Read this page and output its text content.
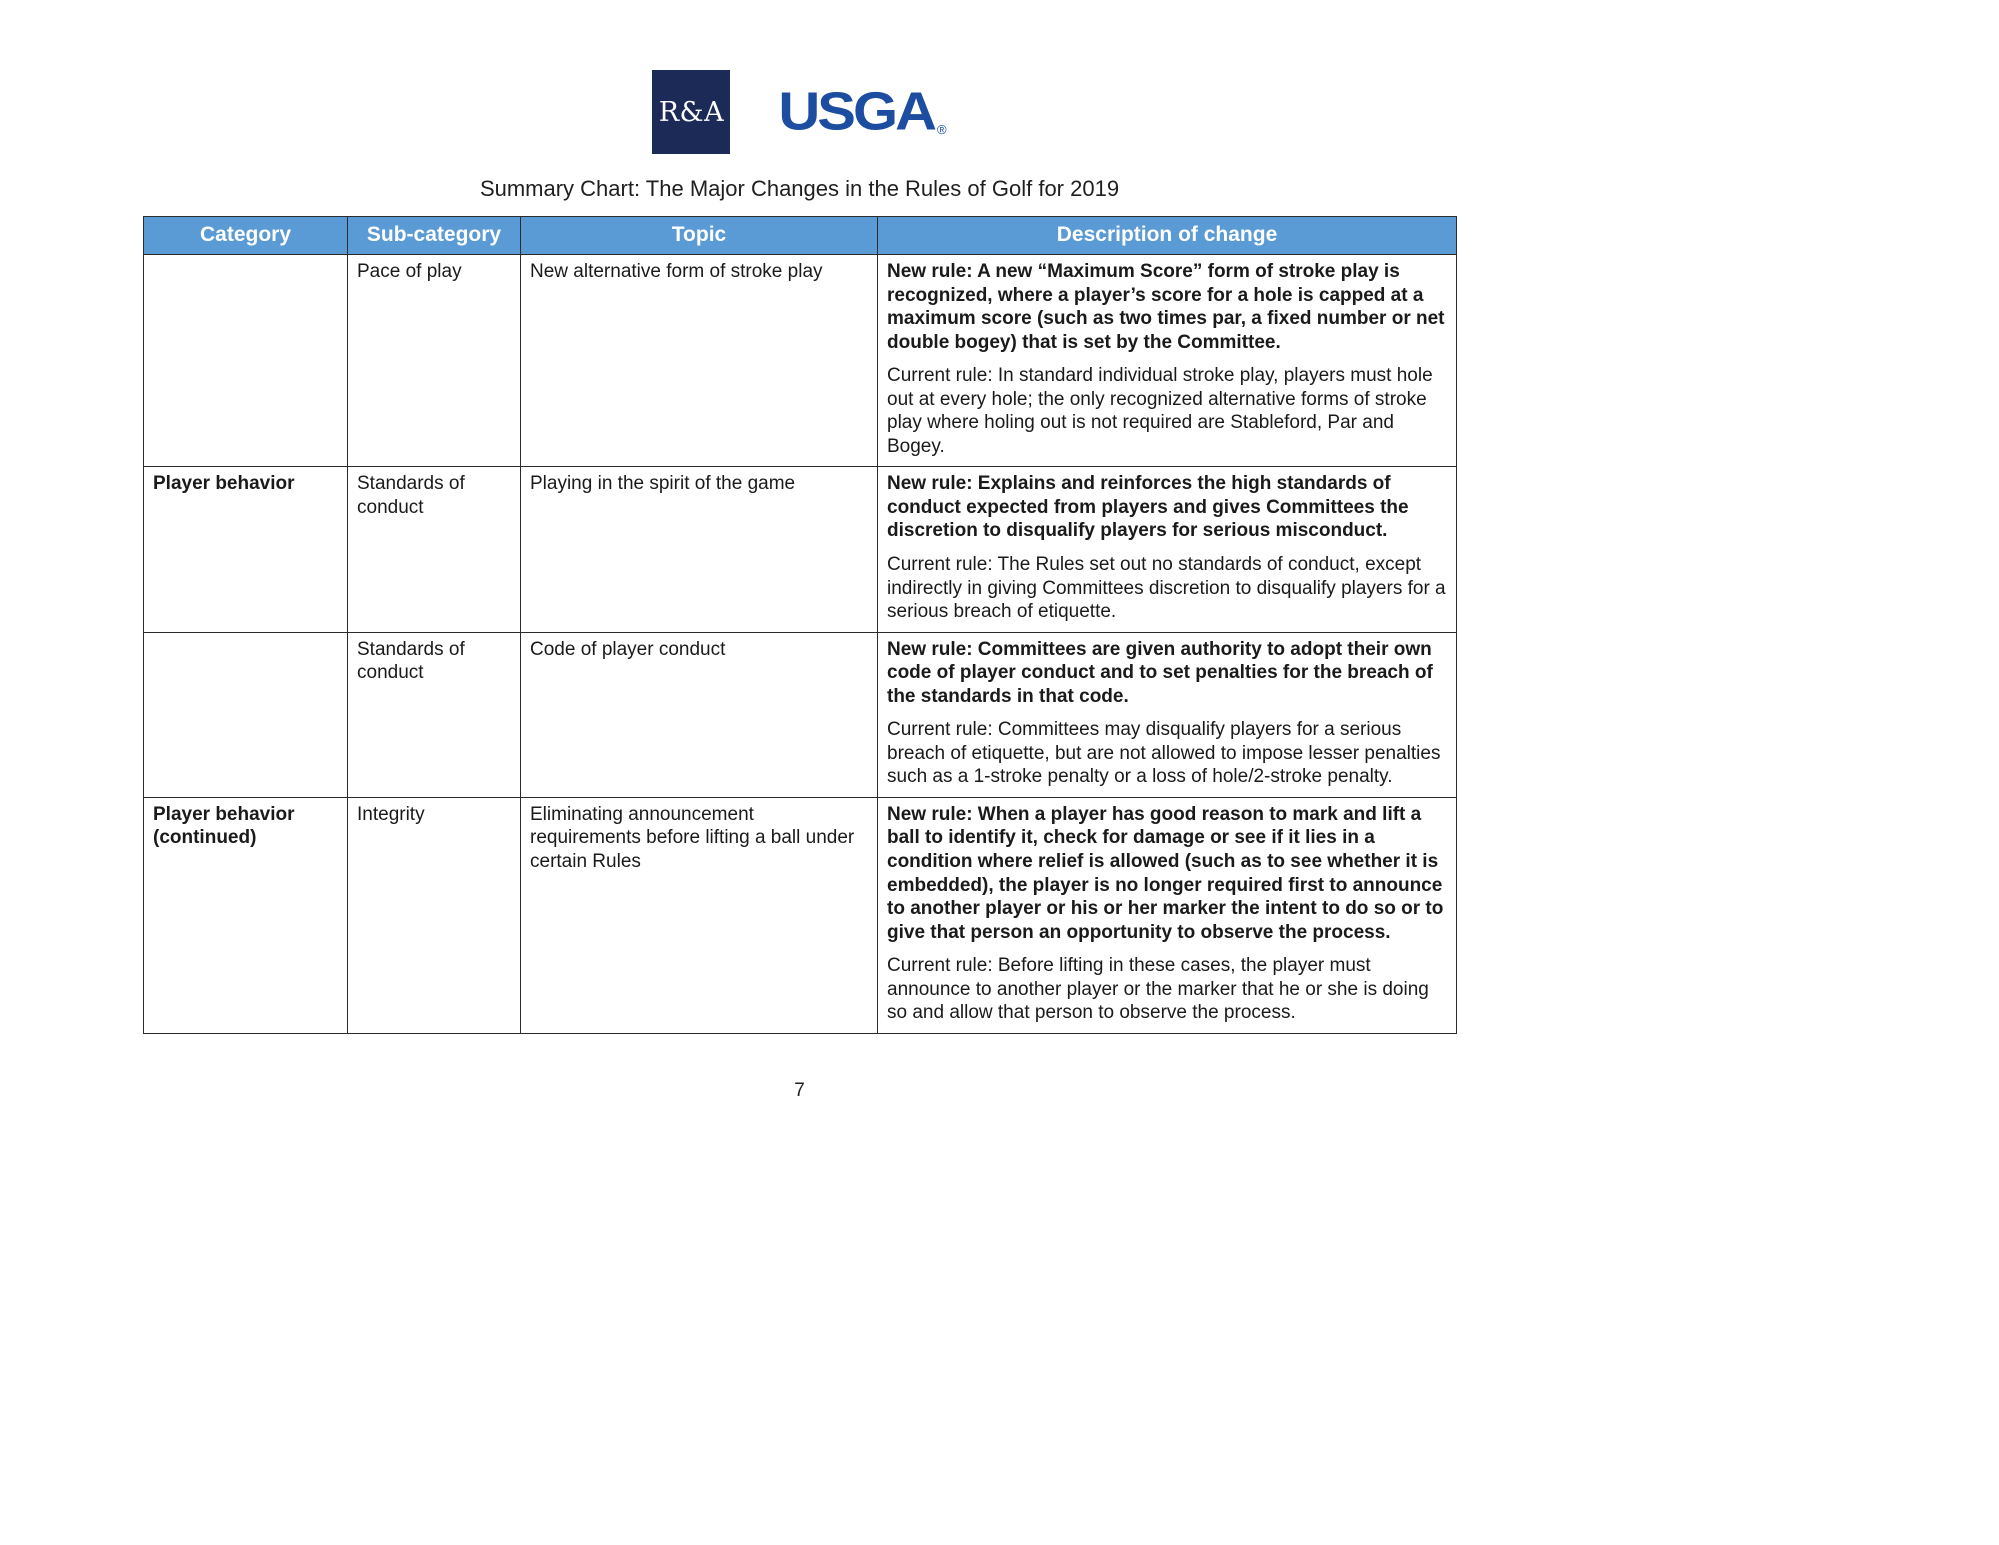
R&A USGA ®
Summary Chart: The Major Changes in the Rules of Golf for 2019
Category	Sub-category	Topic	Description of change
	Pace of play	New alternative form of stroke play	New rule: A new “Maximum Score” form of stroke play is recognized, where a player’s score for a hole is capped at a maximum score (such as two times par, a fixed number or net double bogey) that is set by the Committee.

Current rule: In standard individual stroke play, players must hole out at every hole; the only recognized alternative forms of stroke play where holing out is not required are Stableford, Par and Bogey.

Player behavior	Standards of conduct	Playing in the spirit of the game	New rule: Explains and reinforces the high standards of conduct expected from players and gives Committees the discretion to disqualify players for serious misconduct.

Current rule: The Rules set out no standards of conduct, except indirectly in giving Committees discretion to disqualify players for a serious breach of etiquette.

	Standards of conduct	Code of player conduct	New rule: Committees are given authority to adopt their own code of player conduct and to set penalties for the breach of the standards in that code.

Current rule: Committees may disqualify players for a serious breach of etiquette, but are not allowed to impose lesser penalties such as a 1-stroke penalty or a loss of hole/2-stroke penalty.

Player behavior (continued)	Integrity	Eliminating announcement requirements before lifting a ball under certain Rules	New rule: When a player has good reason to mark and lift a ball to identify it, check for damage or see if it lies in a condition where relief is allowed (such as to see whether it is embedded), the player is no longer required first to announce to another player or his or her marker the intent to do so or to give that person an opportunity to observe the process.

Current rule: Before lifting in these cases, the player must announce to another player or the marker that he or she is doing so and allow that person to observe the process.

7
